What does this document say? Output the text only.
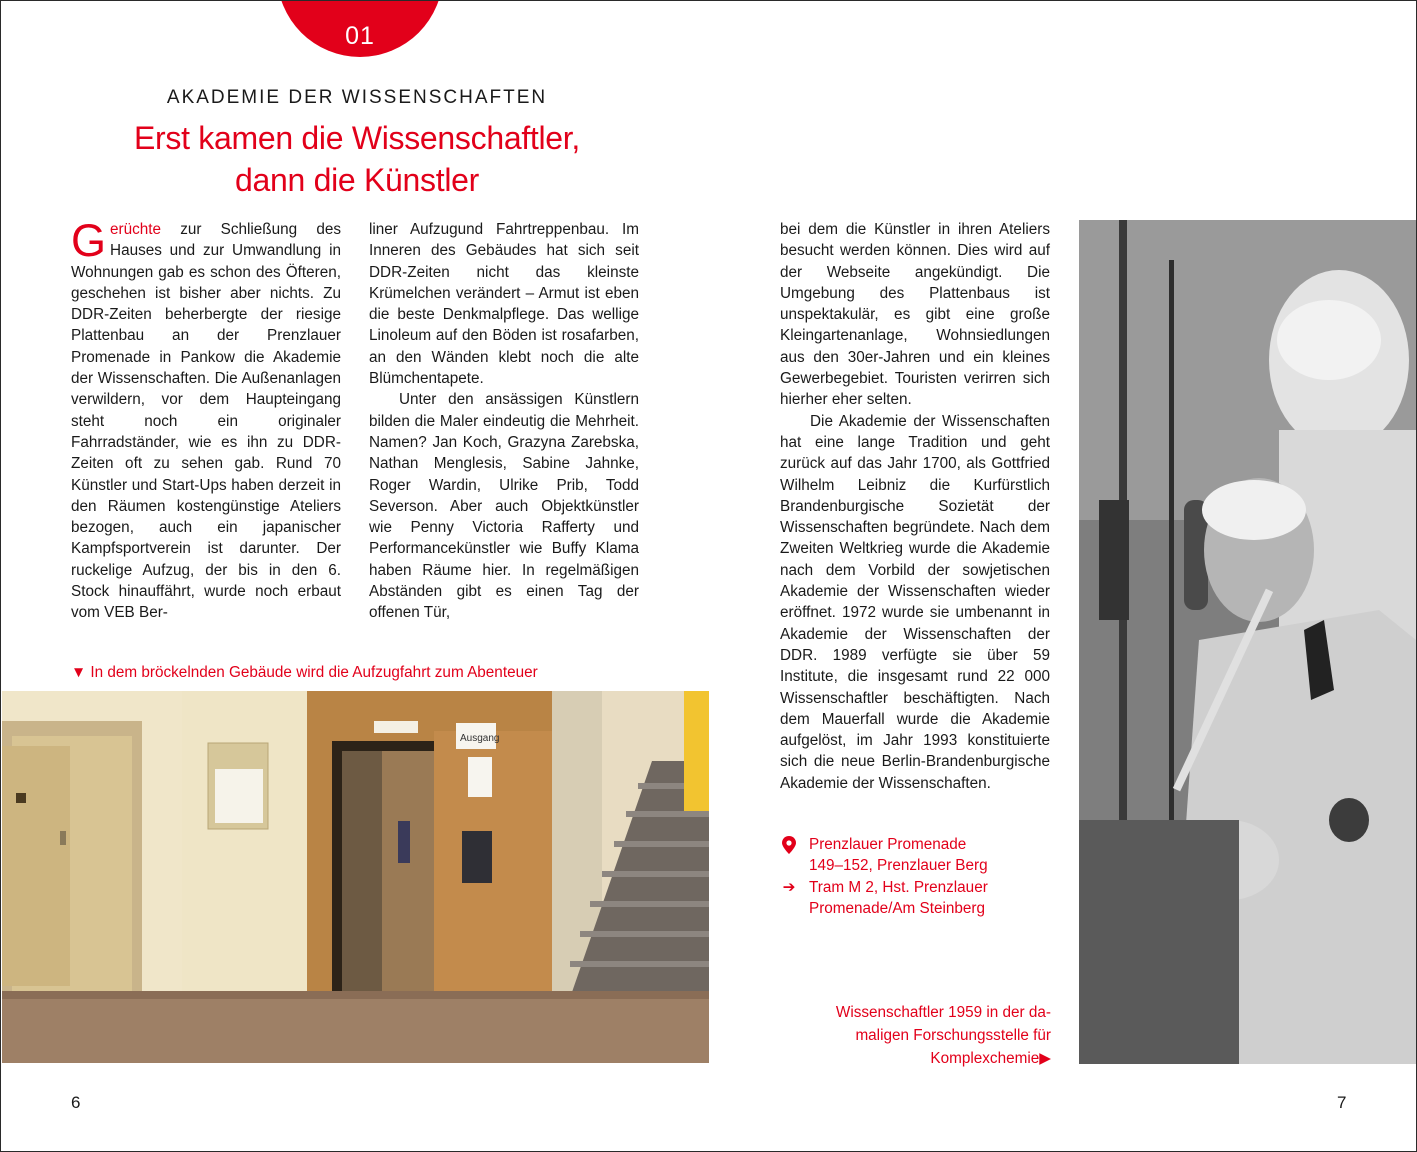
01
AKADEMIE DER WISSENSCHAFTEN
Erst kamen die Wissenschaftler,
dann die Künstler
Gerüchte zur Schließung des Hauses und zur Umwandlung in Wohnungen gab es schon des Öfteren, geschehen ist bisher aber nichts. Zu DDR-Zeiten beherbergte der riesige Plattenbau an der Prenzlauer Promenade in Pankow die Akademie der Wissenschaften. Die Außenanlagen verwildern, vor dem Haupteingang steht noch ein originaler Fahrradständer, wie es ihn zu DDR-Zeiten oft zu sehen gab. Rund 70 Künstler und Start-Ups haben derzeit in den Räumen kostengünstige Ateliers bezogen, auch ein japanischer Kampfsportverein ist darunter. Der ruckelige Aufzug, der bis in den 6. Stock hinauffährt, wurde noch erbaut vom VEB Ber-

liner Aufzugund Fahrtreppenbau. Im Inneren des Gebäudes hat sich seit DDR-Zeiten nicht das kleinste Krümelchen verändert – Armut ist eben die beste Denkmalpflege. Das wellige Linoleum auf den Böden ist rosafarben, an den Wänden klebt noch die alte Blümchentapete.

Unter den ansässigen Künstlern bilden die Maler eindeutig die Mehrheit. Namen? Jan Koch, Grazyna Zarebska, Nathan Menglesis, Sabine Jahnke, Roger Wardin, Ulrike Prib, Todd Severson. Aber auch Objektkünstler wie Penny Victoria Rafferty und Performancekünstler wie Buffy Klama haben Räume hier. In regelmäßigen Abständen gibt es einen Tag der offenen Tür,

bei dem die Künstler in ihren Ateliers besucht werden können. Dies wird auf der Webseite angekündigt. Die Umgebung des Plattenbaus ist unspektakulär, es gibt eine große Kleingartenanlage, Wohnsiedlungen aus den 30er-Jahren und ein kleines Gewerbegebiet. Touristen verirren sich hierher eher selten.

Die Akademie der Wissenschaften hat eine lange Tradition und geht zurück auf das Jahr 1700, als Gottfried Wilhelm Leibniz die Kurfürstlich Brandenburgische Sozietät der Wissenschaften begründete. Nach dem Zweiten Weltkrieg wurde die Akademie nach dem Vorbild der sowjetischen Akademie der Wissenschaften wieder eröffnet. 1972 wurde sie umbenannt in Akademie der Wissenschaften der DDR. 1989 verfügte sie über 59 Institute, die insgesamt rund 22 000 Wissenschaftler beschäftigten. Nach dem Mauerfall wurde die Akademie aufgelöst, im Jahr 1993 konstituierte sich die neue Berlin-Brandenburgische Akademie der Wissenschaften.

▼ In dem bröckelnden Gebäude wird die Aufzugfahrt zum Abenteuer
Ausgang
Prenzlauer Promenade
149–152, Prenzlauer Berg
➔ Tram M 2, Hst. Prenzlauer
Promenade/Am Steinberg
Wissenschaftler 1959 in der da-
maligen Forschungsstelle für
Komplexchemie▶
6	7
